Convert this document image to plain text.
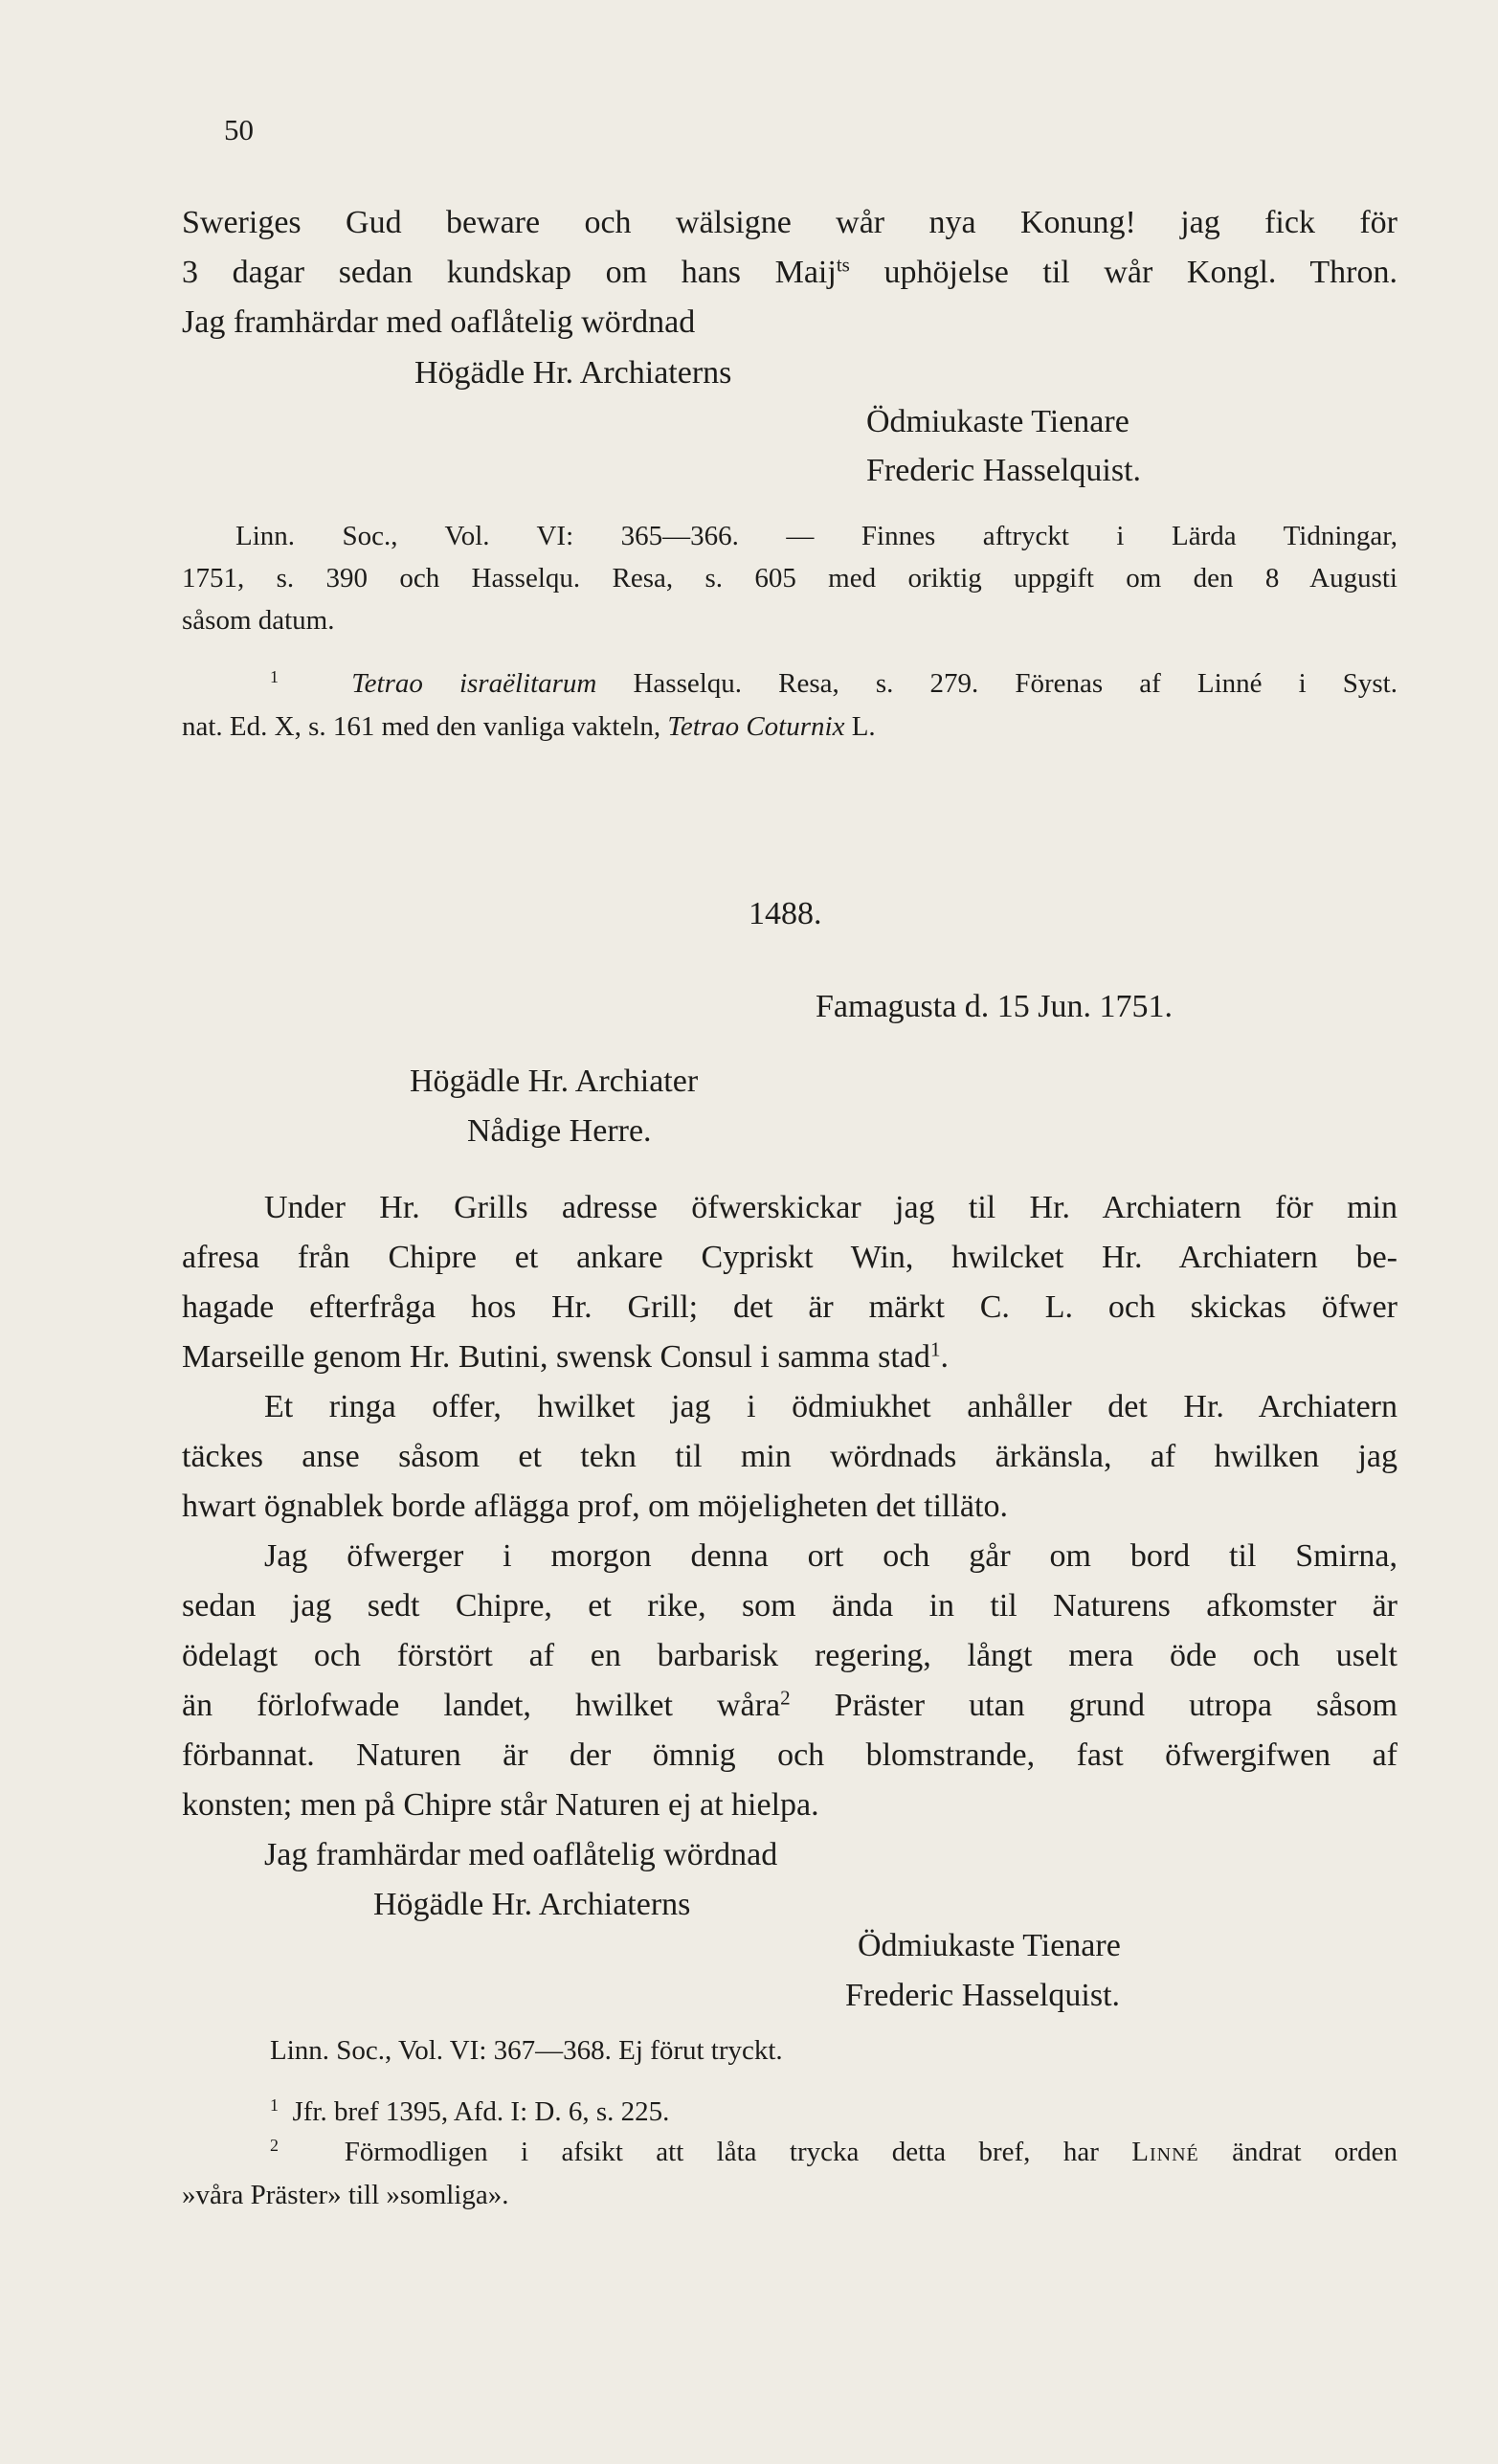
50
Sweriges Gud beware och wälsigne wår nya Konung! jag fick för
3 dagar sedan kundskap om hans Maij$^{ts}$ uphöjelse til wår Kongl. Thron.
Jag framhärdar med oaflåtelig wördnad
Högädle Hr. Archiaterns
Ödmiukaste Tienare
Frederic Hasselquist.
Linn. Soc., Vol. VI: 365—366. — Finnes aftryckt i Lärda Tidningar,
1751, s. 390 och Hasselqu. Resa, s. 605 med oriktig uppgift om den 8 Augusti
såsom datum.
$^1$	Tetrao israëlitarum Hasselqu. Resa, s. 279. Förenas af Linné i Syst.
nat. Ed. X, s. 161 med den vanliga vakteln, Tetrao Coturnix L.
1488.
Famagusta d. 15 Jun. 1751.
Högädle Hr. Archiater
Nådige Herre.
Under Hr. Grills adresse öfwerskickar jag til Hr. Archiatern för min
afresa från Chipre et ankare Cypriskt Win, hwilcket Hr. Archiatern be-
hagade efterfråga hos Hr. Grill; det är märkt C. L. och skickas öfwer
Marseille genom Hr. Butini, swensk Consul i samma stad$^1$.
Et ringa offer, hwilket jag i ödmiukhet anhåller det Hr. Archiatern
täckes anse såsom et tekn til min wördnads ärkänsla, af hwilken jag
hwart ögnablek borde aflägga prof, om möjeligheten det tilläto.
Jag öfwerger i morgon denna ort och går om bord til Smirna,
sedan jag sedt Chipre, et rike, som ända in til Naturens afkomster är
ödelagt och förstört af en barbarisk regering, långt mera öde och uselt
än förlofwade landet, hwilket wåra$^2$ Präster utan grund utropa såsom
förbannat. Naturen är der ömnig och blomstrande, fast öfwergifwen af
konsten; men på Chipre står Naturen ej at hielpa.
Jag framhärdar med oaflåtelig wördnad
Högädle Hr. Archiaterns
Ödmiukaste Tienare
Frederic Hasselquist.
Linn. Soc., Vol. VI: 367—368. Ej förut tryckt.
$^1$ Jfr. bref 1395, Afd. I: D. 6, s. 225.
$^2$ Förmodligen i afsikt att låta trycka detta bref, har Linné ändrat orden
»våra Präster» till »somliga».
